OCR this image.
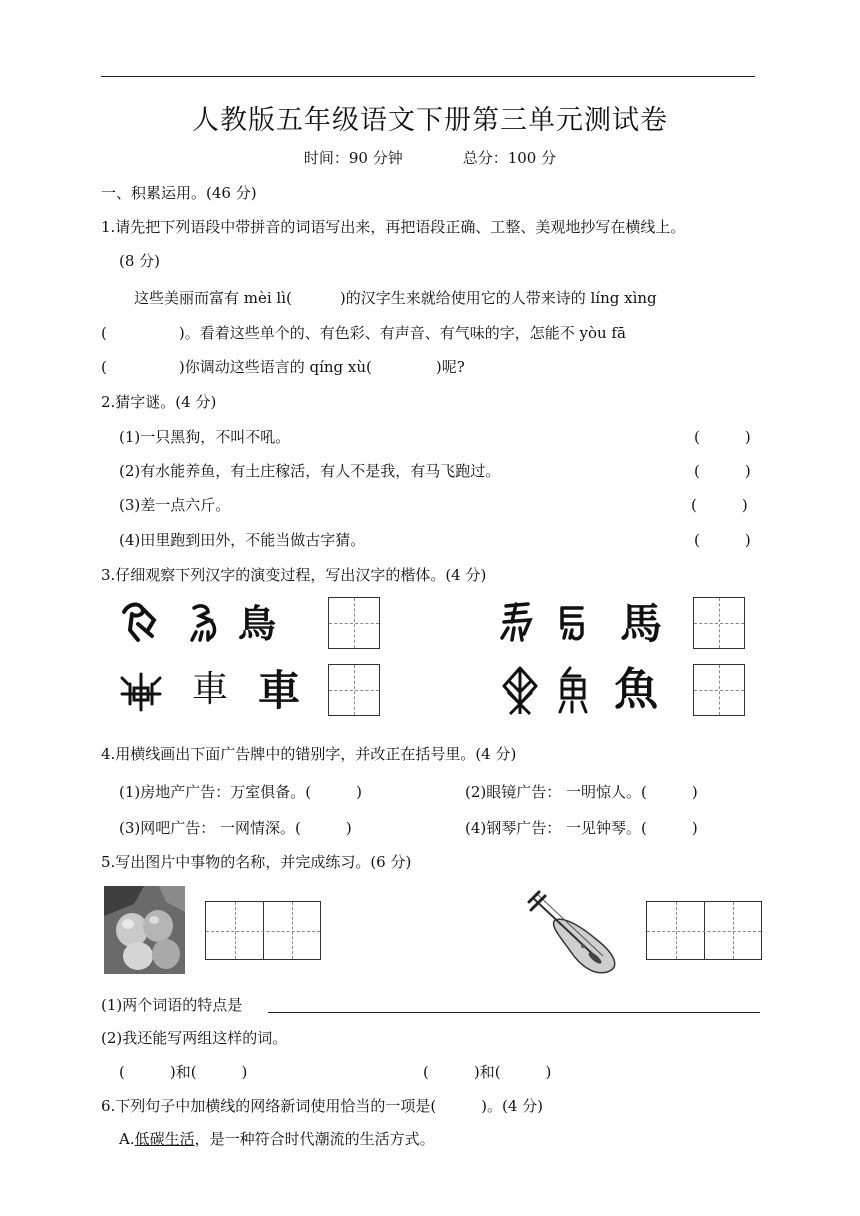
人教版五年级语文下册第三单元测试卷
时间：90 分钟	总分：100 分
一、积累运用。(46 分)
1.请先把下列语段中带拼音的词语写出来，再把语段正确、工整、美观地抄写在横线上。
(8 分)
这些美丽而富有 mèi lì(	)的汉字生来就给使用它的人带来诗的 líng xìng
(	)。看着这些单个的、有色彩、有声音、有气味的字，怎能不 yòu fā
(	)你调动这些语言的 qíng xù(	)呢?
2.猜字谜。(4 分)
(1)一只黑狗，不叫不吼。	(　　　)
(2)有水能养鱼，有土庄稼活，有人不是我，有马飞跑过。	(　　　)
(3)差一点六斤。	(　　　)
(4)田里跑到田外，不能当做古字猜。	(　　　)
3.仔细观察下列汉字的演变过程，写出汉字的楷体。(4 分)
鳥	馬
車 車	魚
4.用横线画出下面广告牌中的错别字，并改正在括号里。(4 分)
(1)房地产广告：万室俱备。(　　　)	(2)眼镜广告： 一明惊人。(　　　)
(3)网吧广告： 一网情深。(　　　)	(4)钢琴广告： 一见钟琴。(　　　)
5.写出图片中事物的名称，并完成练习。(6 分)
(1)两个词语的特点是
(2)我还能写两组这样的词。
(　　　)和(　　　)	(　　　)和(　　　)
6.下列句子中加横线的网络新词使用恰当的一项是(　　　)。(4 分)
A.低碳生活，是一种符合时代潮流的生活方式。
